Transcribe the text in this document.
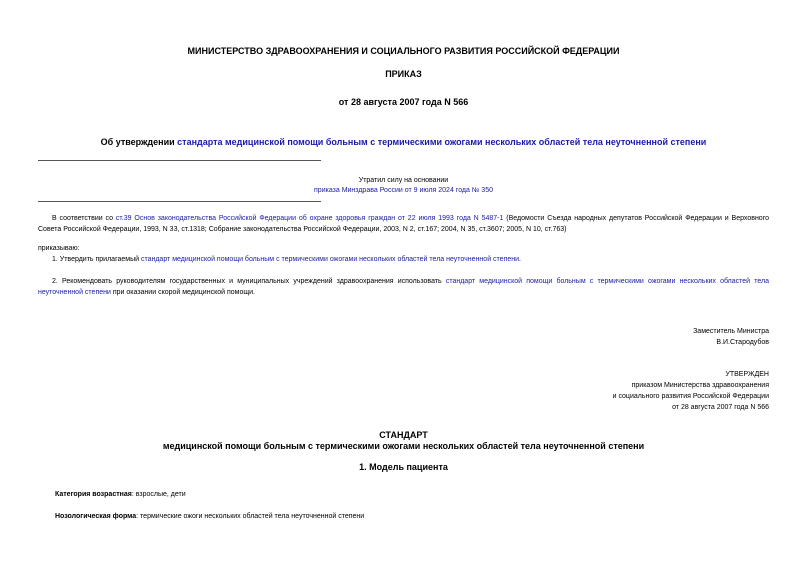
МИНИСТЕРСТВО ЗДРАВООХРАНЕНИЯ И СОЦИАЛЬНОГО РАЗВИТИЯ РОССИЙСКОЙ ФЕДЕРАЦИИ
ПРИКАЗ
от 28 августа 2007 года N 566
Об утверждении стандарта медицинской помощи больным с термическими ожогами нескольких областей тела неуточненной степени
Утратил силу на основании
приказа Минздрава России от 9 июля 2024 года № 350
В соответствии со ст.39 Основ законодательства Российской Федерации об охране здоровья граждан от 22 июля 1993 года N 5487-1 (Ведомости Съезда народных депутатов Российской Федерации и Верховного Совета Российской Федерации, 1993, N 33, ст.1318; Собрание законодательства Российской Федерации, 2003, N 2, ст.167; 2004, N 35, ст.3607; 2005, N 10, ст.763)
приказываю:
1. Утвердить прилагаемый стандарт медицинской помощи больным с термическими ожогами нескольких областей тела неуточненной степени.
2. Рекомендовать руководителям государственных и муниципальных учреждений здравоохранения использовать стандарт медицинской помощи больным с термическими ожогами нескольких областей тела неуточненной степени при оказании скорой медицинской помощи.
Заместитель Министра
В.И.Стародубов
УТВЕРЖДЕН
приказом Министерства здравоохранения
и социального развития Российской Федерации
от 28 августа 2007 года N 566
СТАНДАРТ
медицинской помощи больным с термическими ожогами нескольких областей тела неуточненной степени
1. Модель пациента
Категория возрастная: взрослые, дети
Нозологическая форма: термические ожоги нескольких областей тела неуточненной степени
